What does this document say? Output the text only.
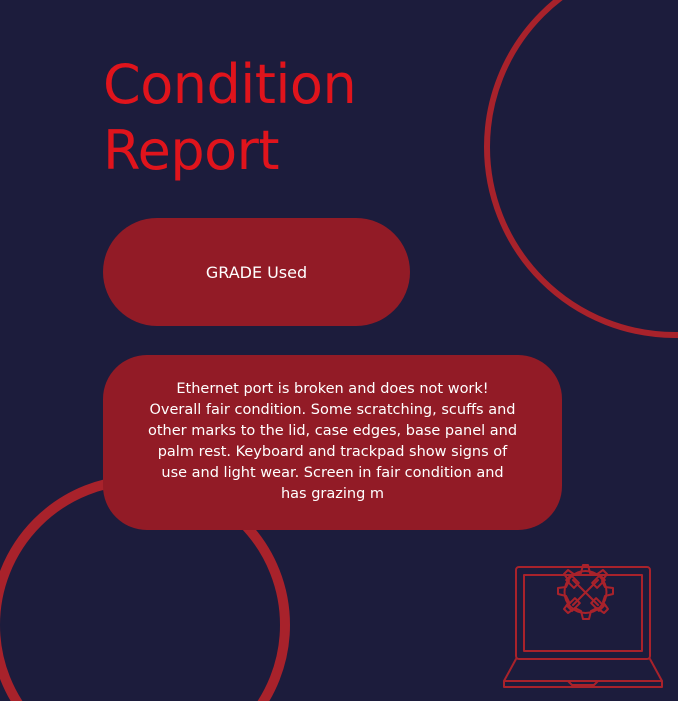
Condition
Report
GRADE Used
Ethernet port is broken and does not work!
Overall fair condition. Some scratching, scuffs and
other marks to the lid, case edges, base panel and
palm rest. Keyboard and trackpad show signs of
use and light wear. Screen in fair condition and
has grazing m
